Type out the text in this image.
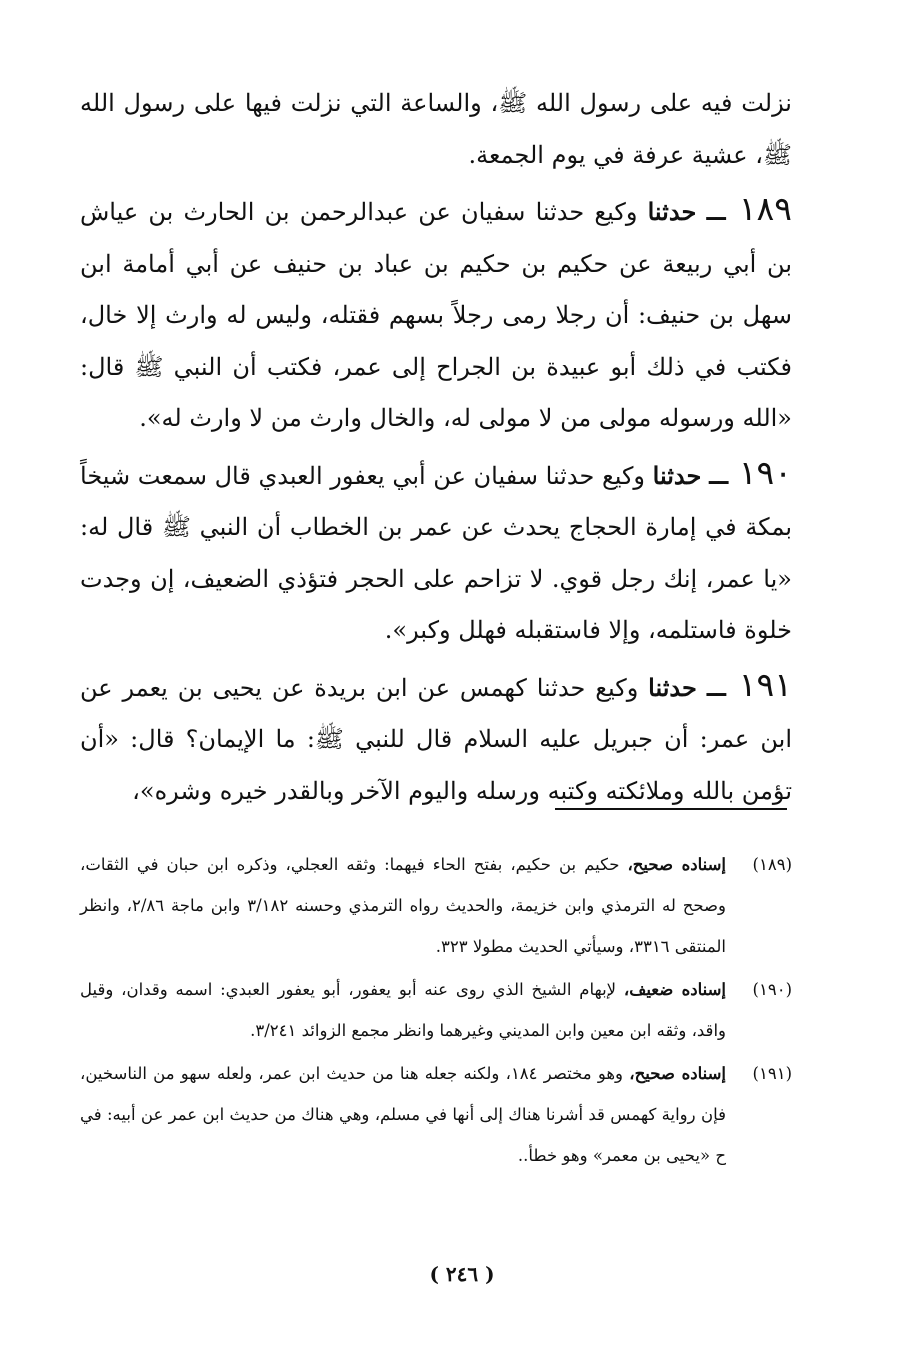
نزلت فيه على رسول الله ﷺ، والساعة التي نزلت فيها على رسول الله ﷺ، عشية عرفة في يوم الجمعة.

١٨٩ ــ حدثنا وكيع حدثنا سفيان عن عبدالرحمن بن الحارث بن عياش بن أبي ربيعة عن حكيم بن حكيم بن عباد بن حنيف عن أبي أمامة ابن سهل بن حنيف: أن رجلا رمى رجلاً بسهم فقتله، وليس له وارث إلا خال، فكتب في ذلك أبو عبيدة بن الجراح إلى عمر، فكتب أن النبي ﷺ قال: «الله ورسوله مولى من لا مولى له، والخال وارث من لا وارث له».

١٩٠ ــ حدثنا وكيع حدثنا سفيان عن أبي يعفور العبدي قال سمعت شيخاً بمكة في إمارة الحجاج يحدث عن عمر بن الخطاب أن النبي ﷺ قال له: «يا عمر، إنك رجل قوي. لا تزاحم على الحجر فتؤذي الضعيف، إن وجدت خلوة فاستلمه، وإلا فاستقبله فهلل وكبر».

١٩١ ــ حدثنا وكيع حدثنا كهمس عن ابن بريدة عن يحيى بن يعمر عن ابن عمر: أن جبريل عليه السلام قال للنبي ﷺ: ما الإيمان؟ قال: «أن تؤمن بالله وملائكته وكتبه ورسله واليوم الآخر وبالقدر خيره وشره»،

(١٨٩)
إسناده صحيح، حكيم بن حكيم، بفتح الحاء فيهما: وثقه العجلي، وذكره ابن حبان في الثقات، وصحح له الترمذي وابن خزيمة، والحديث رواه الترمذي وحسنه ٣/١٨٢ وابن ماجة ٢/٨٦، وانظر المنتقى ٣٣١٦، وسيأتي الحديث مطولا ٣٢٣.
(١٩٠)
إسناده ضعيف، لإبهام الشيخ الذي روى عنه أبو يعفور، أبو يعفور العبدي: اسمه وقدان، وقيل واقد، وثقه ابن معين وابن المديني وغيرهما وانظر مجمع الزوائد ٣/٢٤١.
(١٩١)
إسناده صحيح، وهو مختصر ١٨٤، ولكنه جعله هنا من حديث ابن عمر، ولعله سهو من الناسخين، فإن رواية كهمس قد أشرنا هناك إلى أنها في مسلم، وهي هناك من حديث ابن عمر عن أبيه: في ح «يحيى بن معمر» وهو خطأ..
( ٢٤٦ )
